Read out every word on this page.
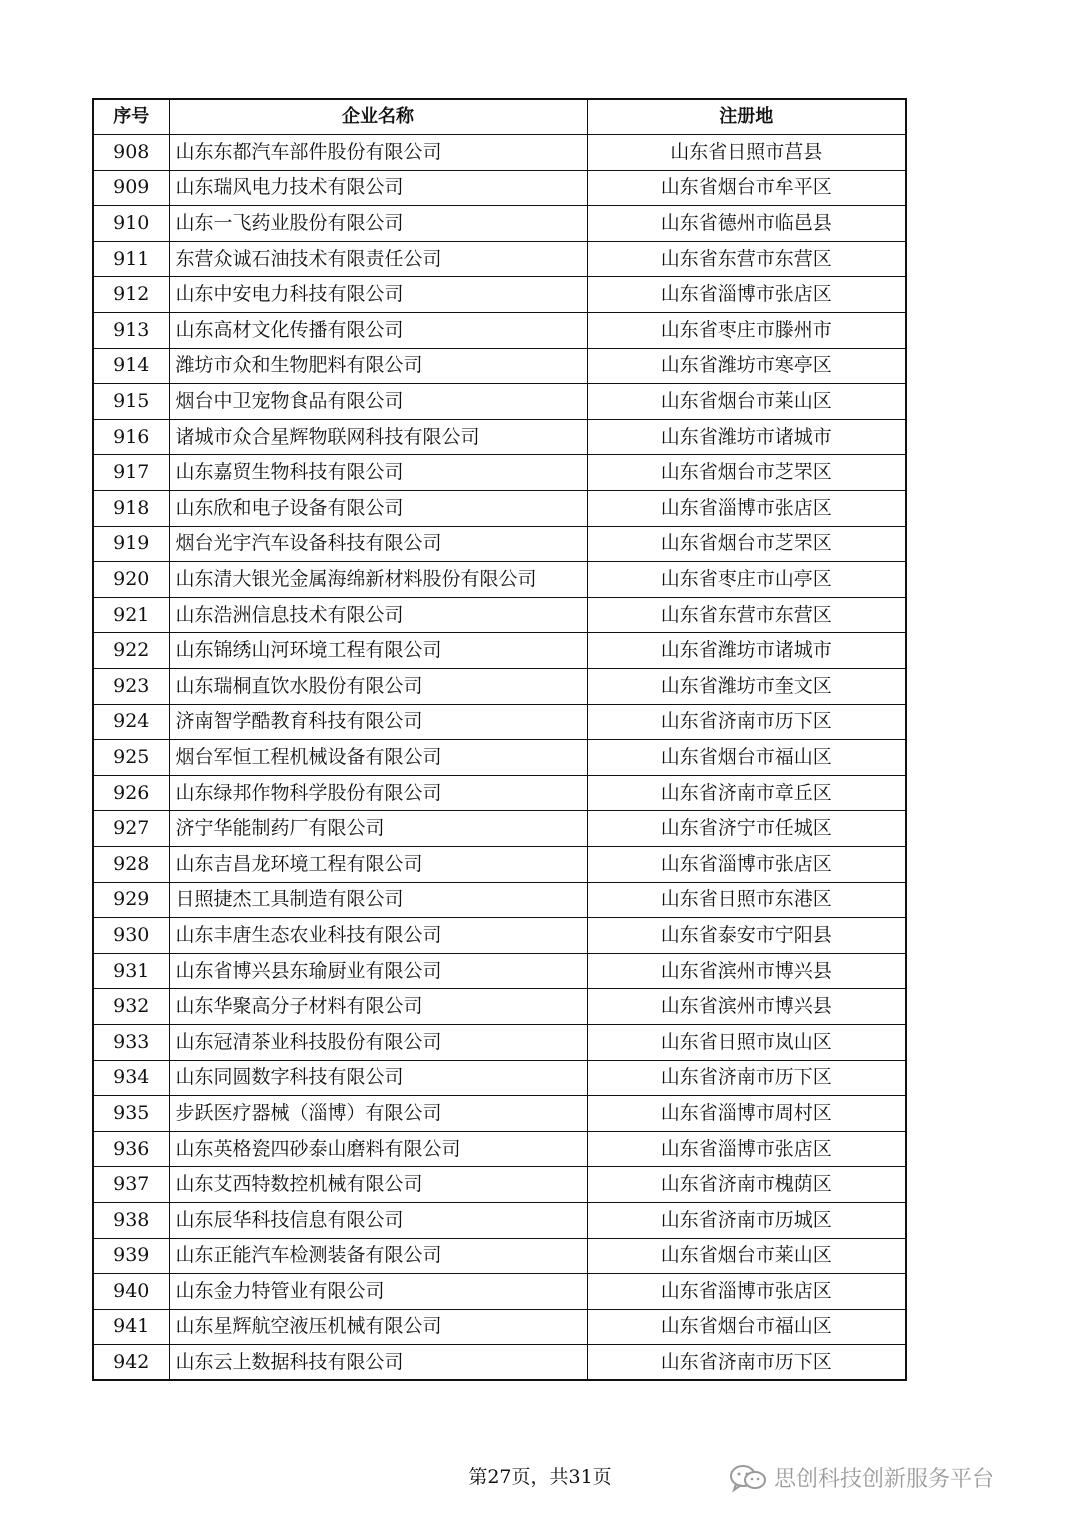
序号	企业名称	注册地
908	山东东都汽车部件股份有限公司	山东省日照市莒县
909	山东瑞风电力技术有限公司	山东省烟台市牟平区
910	山东一飞药业股份有限公司	山东省德州市临邑县
911	东营众诚石油技术有限责任公司	山东省东营市东营区
912	山东中安电力科技有限公司	山东省淄博市张店区
913	山东高材文化传播有限公司	山东省枣庄市滕州市
914	潍坊市众和生物肥料有限公司	山东省潍坊市寒亭区
915	烟台中卫宠物食品有限公司	山东省烟台市莱山区
916	诸城市众合星辉物联网科技有限公司	山东省潍坊市诸城市
917	山东嘉贸生物科技有限公司	山东省烟台市芝罘区
918	山东欣和电子设备有限公司	山东省淄博市张店区
919	烟台光宇汽车设备科技有限公司	山东省烟台市芝罘区
920	山东清大银光金属海绵新材料股份有限公司	山东省枣庄市山亭区
921	山东浩洲信息技术有限公司	山东省东营市东营区
922	山东锦绣山河环境工程有限公司	山东省潍坊市诸城市
923	山东瑞桐直饮水股份有限公司	山东省潍坊市奎文区
924	济南智学酷教育科技有限公司	山东省济南市历下区
925	烟台军恒工程机械设备有限公司	山东省烟台市福山区
926	山东绿邦作物科学股份有限公司	山东省济南市章丘区
927	济宁华能制药厂有限公司	山东省济宁市任城区
928	山东吉昌龙环境工程有限公司	山东省淄博市张店区
929	日照捷杰工具制造有限公司	山东省日照市东港区
930	山东丰唐生态农业科技有限公司	山东省泰安市宁阳县
931	山东省博兴县东瑜厨业有限公司	山东省滨州市博兴县
932	山东华聚高分子材料有限公司	山东省滨州市博兴县
933	山东冠清茶业科技股份有限公司	山东省日照市岚山区
934	山东同圆数字科技有限公司	山东省济南市历下区
935	步跃医疗器械（淄博）有限公司	山东省淄博市周村区
936	山东英格瓷四砂泰山磨料有限公司	山东省淄博市张店区
937	山东艾西特数控机械有限公司	山东省济南市槐荫区
938	山东辰华科技信息有限公司	山东省济南市历城区
939	山东正能汽车检测装备有限公司	山东省烟台市莱山区
940	山东金力特管业有限公司	山东省淄博市张店区
941	山东星辉航空液压机械有限公司	山东省烟台市福山区
942	山东云上数据科技有限公司	山东省济南市历下区
第27页，共31页	思创科技创新服务平台
